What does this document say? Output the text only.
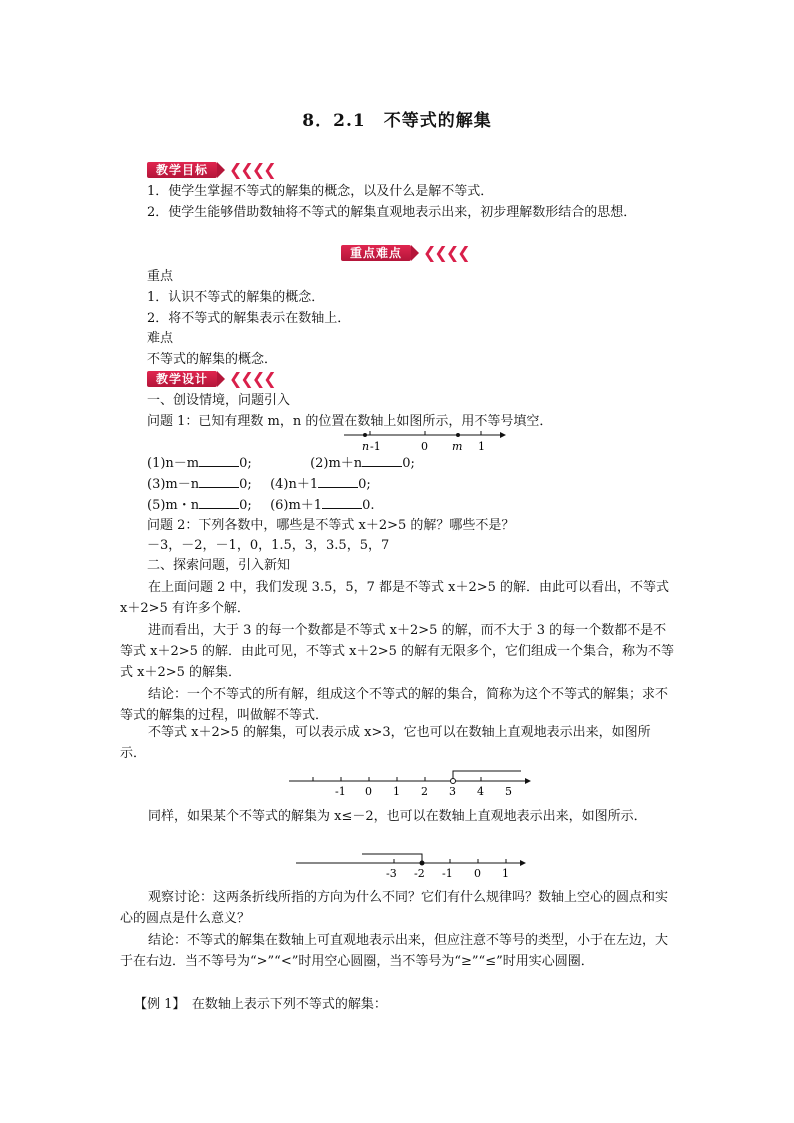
8．2.1　不等式的解集
教学目标	❮❮❮❮
1．使学生掌握不等式的解集的概念，以及什么是解不等式．
2．使学生能够借助数轴将不等式的解集直观地表示出来，初步理解数形结合的思想．
重点难点	❮❮❮❮
重点
1．认识不等式的解集的概念．
2．将不等式的解集表示在数轴上．
难点
不等式的解集的概念．
教学设计	❮❮❮❮
一、创设情境，问题引入
问题 1：已知有理数 m，n 的位置在数轴上如图所示，用不等号填空．
n -1	0 m 1
(1)n－m	0;	(2)m＋n	0;
(3)m－n	0; (4)n＋1	0;
(5)m・n	0; (6)m＋1	0.
问题 2：下列各数中，哪些是不等式 x＋2>5 的解？哪些不是？
－3，－2，－1，0，1.5，3，3.5，5，7
二、探索问题，引入新知
在上面问题 2 中，我们发现 3.5，5，7 都是不等式 x＋2>5 的解．由此可以看出，不等式 x＋2>5 有许多个解．
进而看出，大于 3 的每一个数都是不等式 x＋2>5 的解，而不大于 3 的每一个数都不是不等式 x＋2>5 的解．由此可见，不等式 x＋2>5 的解有无限多个，它们组成一个集合，称为不等式 x＋2>5 的解集．
结论：一个不等式的所有解，组成这个不等式的解的集合，简称为这个不等式的解集；求不等式的解集的过程，叫做解不等式．
不等式 x＋2>5 的解集，可以表示成 x>3，它也可以在数轴上直观地表示出来，如图所示．
-1 0 1 2 3 4 5
同样，如果某个不等式的解集为 x≤－2，也可以在数轴上直观地表示出来，如图所示．
-3 -2 -1 0 1
观察讨论：这两条折线所指的方向为什么不同？它们有什么规律吗？数轴上空心的圆点和实心的圆点是什么意义？
结论：不等式的解集在数轴上可直观地表示出来，但应注意不等号的类型，小于在左边，大于在右边．当不等号为“>”“<”时用空心圆圈，当不等号为“≥”“≤”时用实心圆圈．
【例 1】　在数轴上表示下列不等式的解集：
